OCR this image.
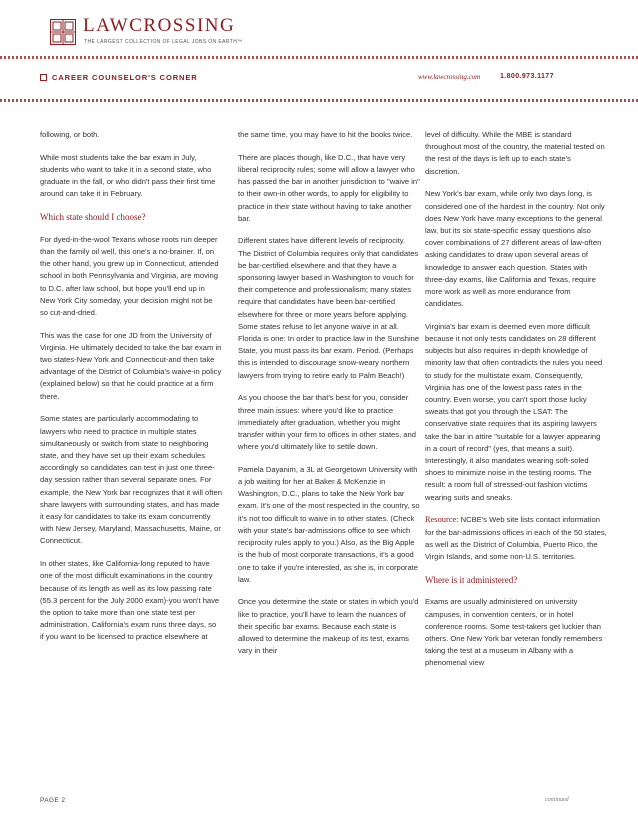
LAWCROSSING
THE LARGEST COLLECTION OF LEGAL JOBS ON EARTH™
CAREER COUNSELOR'S CORNER	www.lawcrossing.com	1.800.973.1177

following, or both.

While most students take the bar exam in July, students who want to take it in a second state, who graduate in the fall, or who didn't pass their first time around can take it in February.

Which state should I choose?

For dyed-in-the-wool Texans whose roots run deeper than the family oil well, this one's a no-brainer. If, on the other hand, you grew up in Connecticut, attended school in both Pennsylvania and Virginia, are moving to D.C. after law school, but hope you'll end up in New York City someday, your decision might not be so cut-and-dried.

This was the case for one JD from the University of Virginia. He ultimately decided to take the bar exam in two states-New York and Connecticut-and then take advantage of the District of Columbia's waive-in policy (explained below) so that he could practice at a firm there.

Some states are particularly accommodating to lawyers who need to practice in multiple states simultaneously or switch from state to neighboring state, and they have set up their exam schedules accordingly so candidates can test in just one three-day session rather than several separate ones. For example, the New York bar recognizes that it will often share lawyers with surrounding states, and has made it easy for candidates to take its exam concurrently with New Jersey, Maryland, Massachusetts, Maine, or Connecticut.

In other states, like California-long reputed to have one of the most difficult examinations in the country because of its length as well as its low passing rate (55.3 percent for the July 2000 exam)-you won't have the option to take more than one state test per administration. California's exam runs three days, so if you want to be licensed to practice elsewhere at

the same time, you may have to hit the books twice.

There are places though, like D.C., that have very liberal reciprocity rules; some will allow a lawyer who has passed the bar in another jurisdiction to "waive in" to their own-in other words, to apply for eligibility to practice in their state without having to take another bar.

Different states have different levels of reciprocity. The District of Columbia requires only that candidates be bar-certified elsewhere and that they have a sponsoring lawyer based in Washington to vouch for their competence and professionalism; many states require that candidates have been bar-certified elsewhere for three or more years before applying. Some states refuse to let anyone waive in at all. Florida is one: In order to practice law in the Sunshine State, you must pass its bar exam. Period. (Perhaps this is intended to discourage snow-weary northern lawyers from trying to retire early to Palm Beach!)

As you choose the bar that's best for you, consider three main issues: where you'd like to practice immediately after graduation, whether you might transfer within your firm to offices in other states, and where you'd ultimately like to settle down.

Pamela Dayanim, a 3L at Georgetown University with a job waiting for her at Baker & McKenzie in Washington, D.C., plans to take the New York bar exam. It's one of the most respected in the country, so it's not too difficult to waive in to other states. (Check with your state's bar-admissions office to see which reciprocity rules apply to you.) Also, as the Big Apple is the hub of most corporate transactions, it's a good one to take if you're interested, as she is, in corporate law.

Once you determine the state or states in which you'd like to practice, you'll have to learn the nuances of their specific bar exams. Because each state is allowed to determine the makeup of its test, exams vary in their

level of difficulty. While the MBE is standard throughout most of the country, the material tested on the rest of the days is left up to each state's discretion.

New York's bar exam, while only two days long, is considered one of the hardest in the country. Not only does New York have many exceptions to the general law, but its six state-specific essay questions also cover combinations of 27 different areas of law-often asking candidates to draw upon several areas of knowledge to answer each question. States with three-day exams, like California and Texas, require more work as well as more endurance from candidates.

Virginia's bar exam is deemed even more difficult because it not only tests candidates on 28 different subjects but also requires in-depth knowledge of minority law that often contradicts the rules you need to study for the multistate exam. Consequently, Virginia has one of the lowest pass rates in the country. Even worse, you can't sport those lucky sweats that got you through the LSAT: The conservative state requires that its aspiring lawyers take the bar in attire "suitable for a lawyer appearing in a court of record" (yes, that means a suit). Interestingly, it also mandates wearing soft-soled shoes to minimize noise in the testing rooms. The result: a room full of stressed-out fashion victims wearing suits and sneaks.

Resource: NCBE's Web site lists contact information for the bar-admissions offices in each of the 50 states, as well as the District of Columbia, Puerto Rico, the Virgin Islands, and some non-U.S. territories.

Where is it administered?

Exams are usually administered on university campuses, in convention centers, or in hotel conference rooms. Some test-takers get luckier than others. One New York bar veteran fondly remembers taking the test at a museum in Albany with a phenomenal view

PAGE 2	continued
